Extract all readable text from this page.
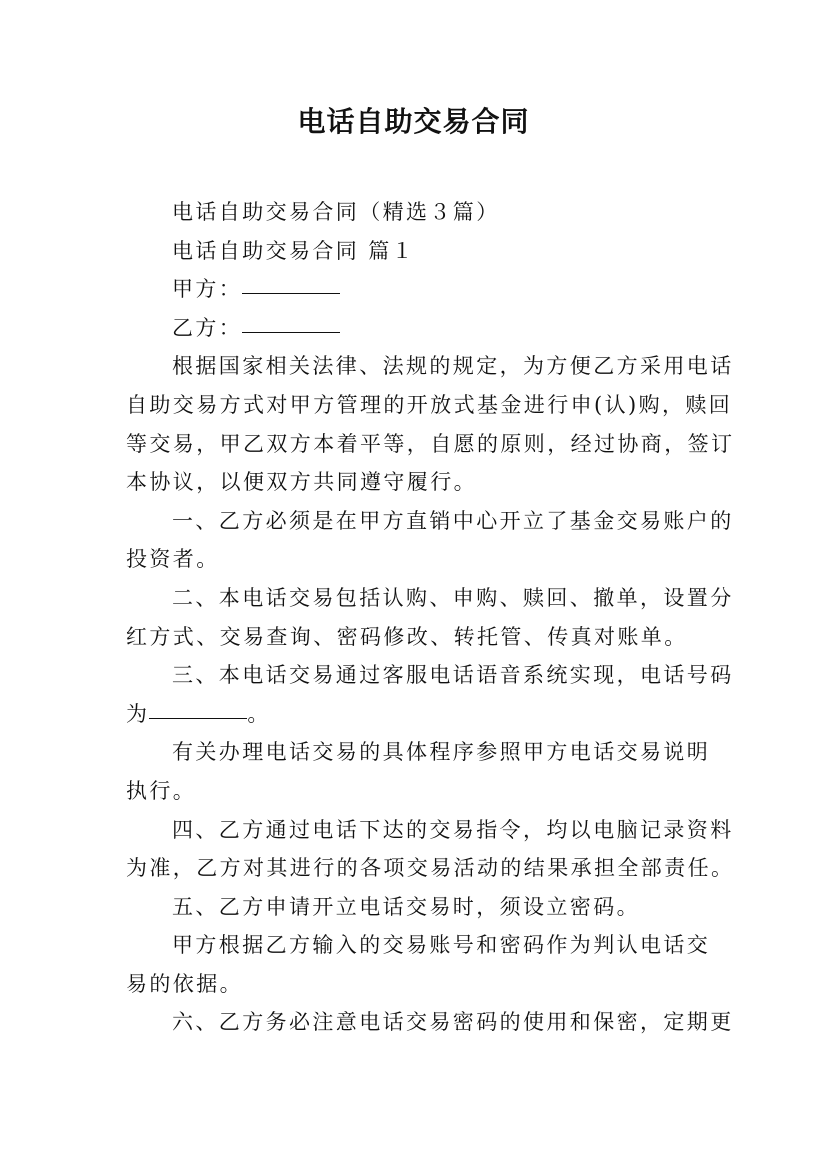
电话自助交易合同
电话自助交易合同（精选３篇）
电话自助交易合同 篇１
甲方：
乙方：
根据国家相关法律、法规的规定，为方便乙方采用电话
自助交易方式对甲方管理的开放式基金进行申(认)购，赎回
等交易，甲乙双方本着平等，自愿的原则，经过协商，签订
本协议，以便双方共同遵守履行。
一、乙方必须是在甲方直销中心开立了基金交易账户的
投资者。
二、本电话交易包括认购、申购、赎回、撤单，设置分
红方式、交易查询、密码修改、转托管、传真对账单。
三、本电话交易通过客服电话语音系统实现，电话号码
为	。
有关办理电话交易的具体程序参照甲方电话交易说明
执行。
四、乙方通过电话下达的交易指令，均以电脑记录资料
为准，乙方对其进行的各项交易活动的结果承担全部责任。
五、乙方申请开立电话交易时，须设立密码。
甲方根据乙方输入的交易账号和密码作为判认电话交
易的依据。
六、乙方务必注意电话交易密码的使用和保密，定期更
